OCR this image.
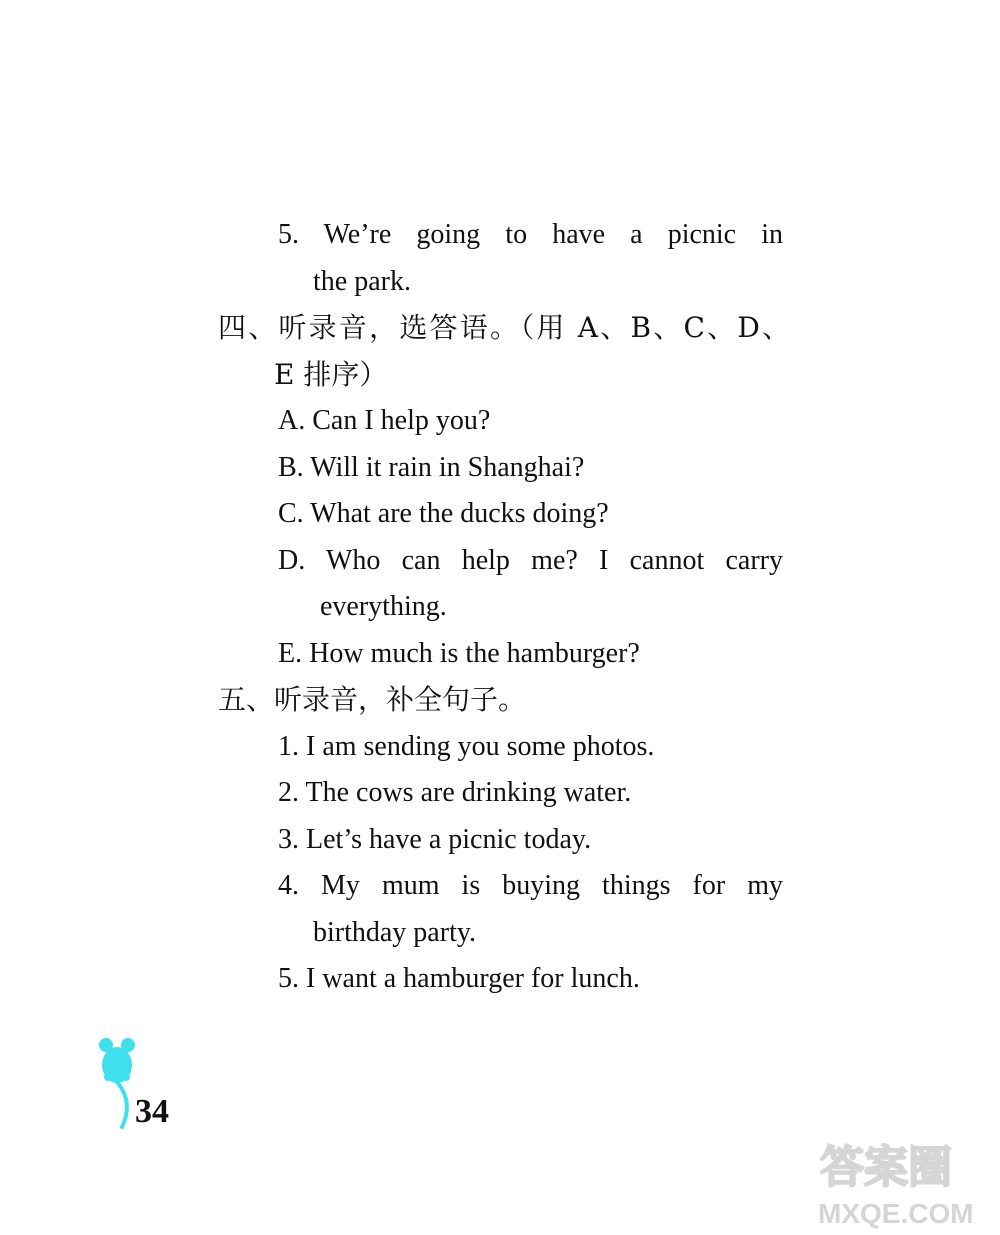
5. We’re going to have a picnic in
the park.
四、听录音，选答语。（用 A、B、C、D、
E 排序）
A. Can I help you?
B. Will it rain in Shanghai?
C. What are the ducks doing?
D. Who can help me? I cannot carry
everything.
E. How much is the hamburger?
五、听录音，补全句子。
1. I am sending you some photos.
2. The cows are drinking water.
3. Let’s have a picnic today.
4. My mum is buying things for my
birthday party.
5. I want a hamburger for lunch.
34
答案圈
MXQE.COM
